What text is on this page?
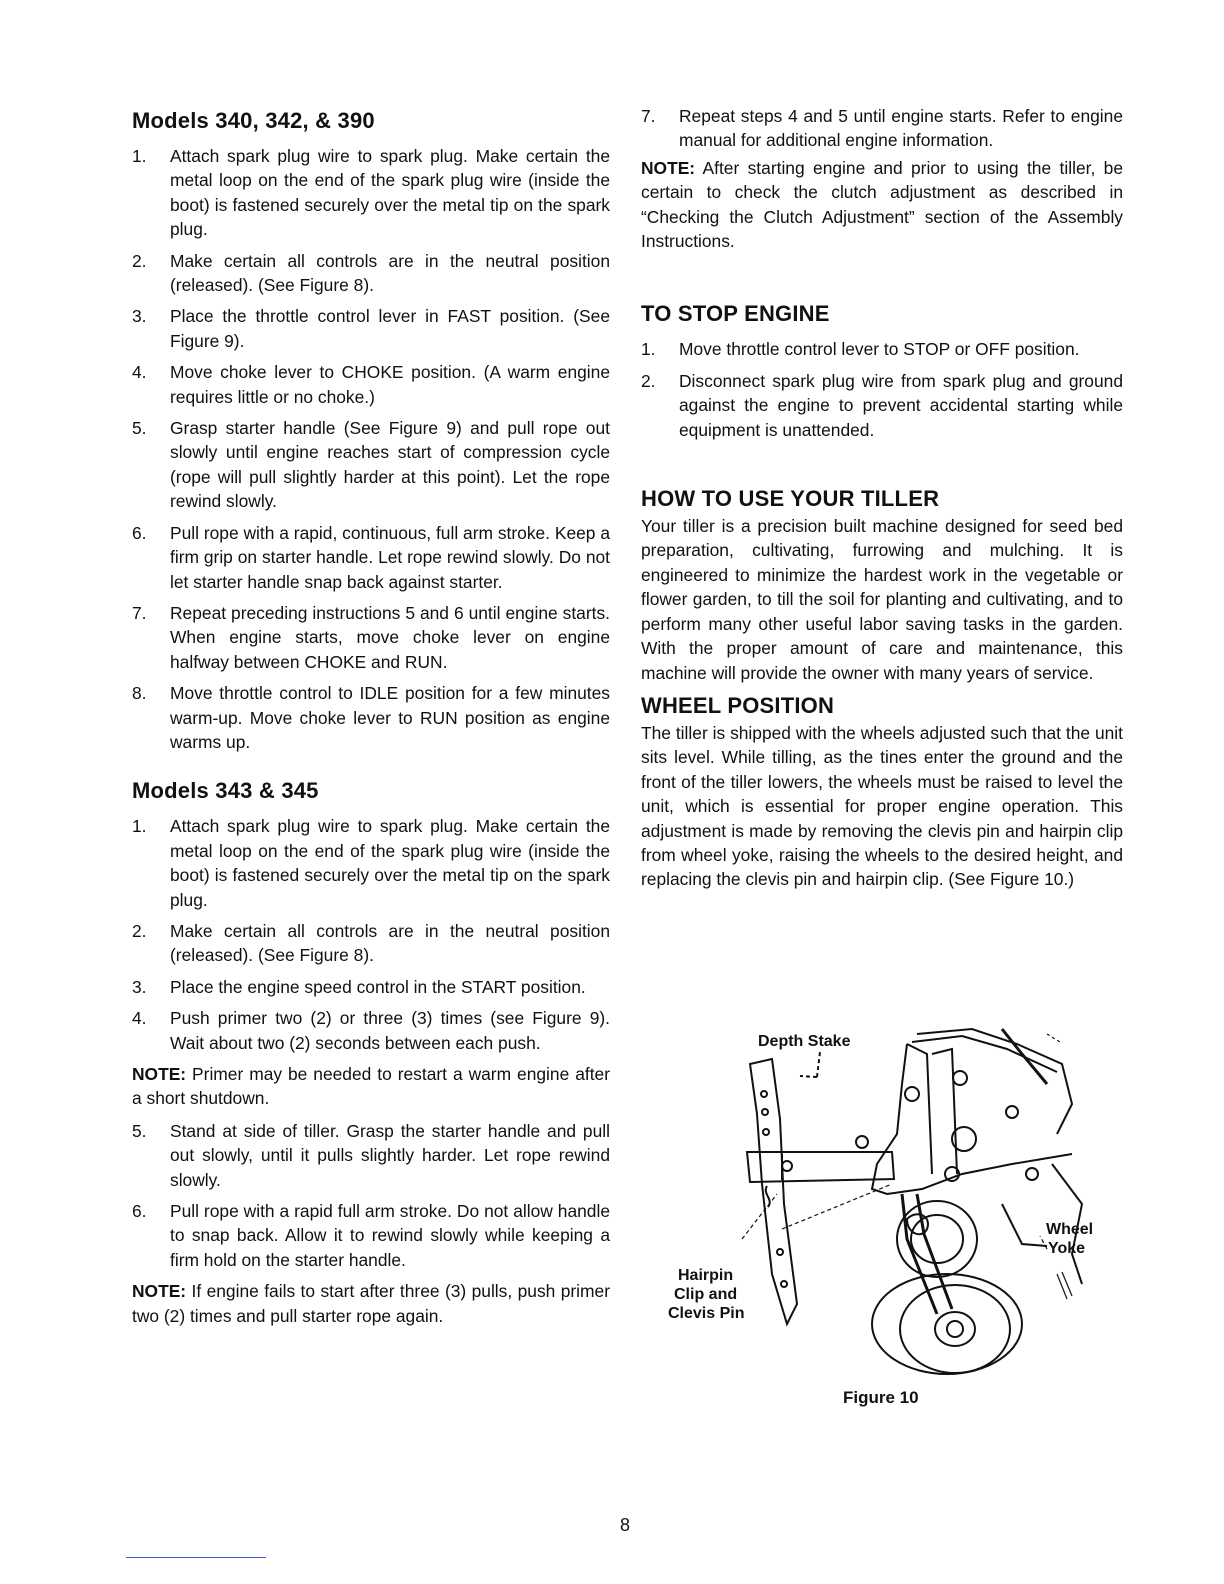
Models 340, 342, & 390
1. Attach spark plug wire to spark plug. Make certain the metal loop on the end of the spark plug wire (inside the boot) is fastened securely over the metal tip on the spark plug.
2. Make certain all controls are in the neutral position (released). (See Figure 8).
3. Place the throttle control lever in FAST position. (See Figure 9).
4. Move choke lever to CHOKE position. (A warm engine requires little or no choke.)
5. Grasp starter handle (See Figure 9) and pull rope out slowly until engine reaches start of compression cycle (rope will pull slightly harder at this point). Let the rope rewind slowly.
6. Pull rope with a rapid, continuous, full arm stroke. Keep a firm grip on starter handle. Let rope rewind slowly. Do not let starter handle snap back against starter.
7. Repeat preceding instructions 5 and 6 until engine starts. When engine starts, move choke lever on engine halfway between CHOKE and RUN.
8. Move throttle control to IDLE position for a few minutes warm-up. Move choke lever to RUN position as engine warms up.
Models 343 & 345
1. Attach spark plug wire to spark plug. Make certain the metal loop on the end of the spark plug wire (inside the boot) is fastened securely over the metal tip on the spark plug.
2. Make certain all controls are in the neutral position (released). (See Figure 8).
3. Place the engine speed control in the START position.
4. Push primer two (2) or three (3) times (see Figure 9). Wait about two (2) seconds between each push.

NOTE: Primer may be needed to restart a warm engine after a short shutdown.

5. Stand at side of tiller. Grasp the starter handle and pull out slowly, until it pulls slightly harder. Let rope rewind slowly.
6. Pull rope with a rapid full arm stroke. Do not allow handle to snap back. Allow it to rewind slowly while keeping a firm hold on the starter handle.

NOTE: If engine fails to start after three (3) pulls, push primer two (2) times and pull starter rope again.

7. Repeat steps 4 and 5 until engine starts. Refer to engine manual for additional engine information.

NOTE: After starting engine and prior to using the tiller, be certain to check the clutch adjustment as described in “Checking the Clutch Adjustment” section of the Assembly Instructions.

TO STOP ENGINE
1. Move throttle control lever to STOP or OFF position.
2. Disconnect spark plug wire from spark plug and ground against the engine to prevent accidental starting while equipment is unattended.
HOW TO USE YOUR TILLER

Your tiller is a precision built machine designed for seed bed preparation, cultivating, furrowing and mulching. It is engineered to minimize the hardest work in the vegetable or flower garden, to till the soil for planting and cultivating, and to perform many other useful labor saving tasks in the garden. With the proper amount of care and maintenance, this machine will provide the owner with many years of service.

WHEEL POSITION

The tiller is shipped with the wheels adjusted such that the unit sits level. While tilling, as the tines enter the ground and the front of the tiller lowers, the wheels must be raised to level the unit, which is essential for proper engine operation. This adjustment is made by removing the clevis pin and hairpin clip from wheel yoke, raising the wheels to the desired height, and replacing the clevis pin and hairpin clip. (See Figure 10.)

Depth Stake
Wheel
Yoke
Hairpin
Clip and
Clevis Pin
Figure 10
8
